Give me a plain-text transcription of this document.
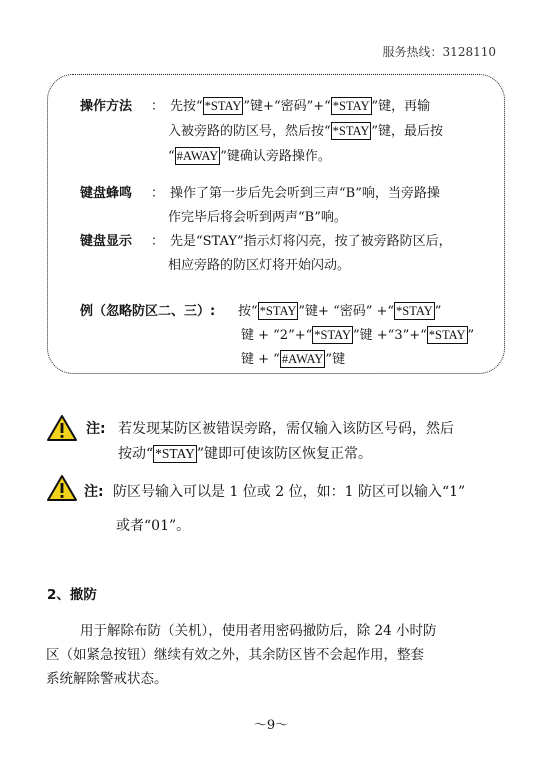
服务热线：3128110
操作方法 ： 先按“ *STAY ”键+“密码”+“ *STAY ”键，再输
入被旁路的防区号，然后按“ *STAY ”键，最后按
“ #AWAY ”键确认旁路操作。
键盘蜂鸣 ： 操作了第一步后先会听到三声“B”响，当旁路操
作完毕后将会听到两声“B”响。
键盘显示 ： 先是“STAY”指示灯将闪亮，按了被旁路防区后，
相应旁路的防区灯将开始闪动。
例（忽略防区二、三）: 按“ *STAY ”键+ “密码” +“ *STAY ”
键 + “2”+“ *STAY ”键 +“3”+“ *STAY ”
键 + “ #AWAY ”键
注: 若发现某防区被错误旁路，需仅输入该防区号码，然后
按动“ *STAY ”键即可使该防区恢复正常。
注: 防区号输入可以是 1 位或 2 位，如：1 防区可以输入“1”
或者“01”。
2、撤防
用于解除布防（关机），使用者用密码撤防后，除 24 小时防
区（如紧急按钮）继续有效之外，其余防区皆不会起作用，整套
系统解除警戒状态。
～9～
